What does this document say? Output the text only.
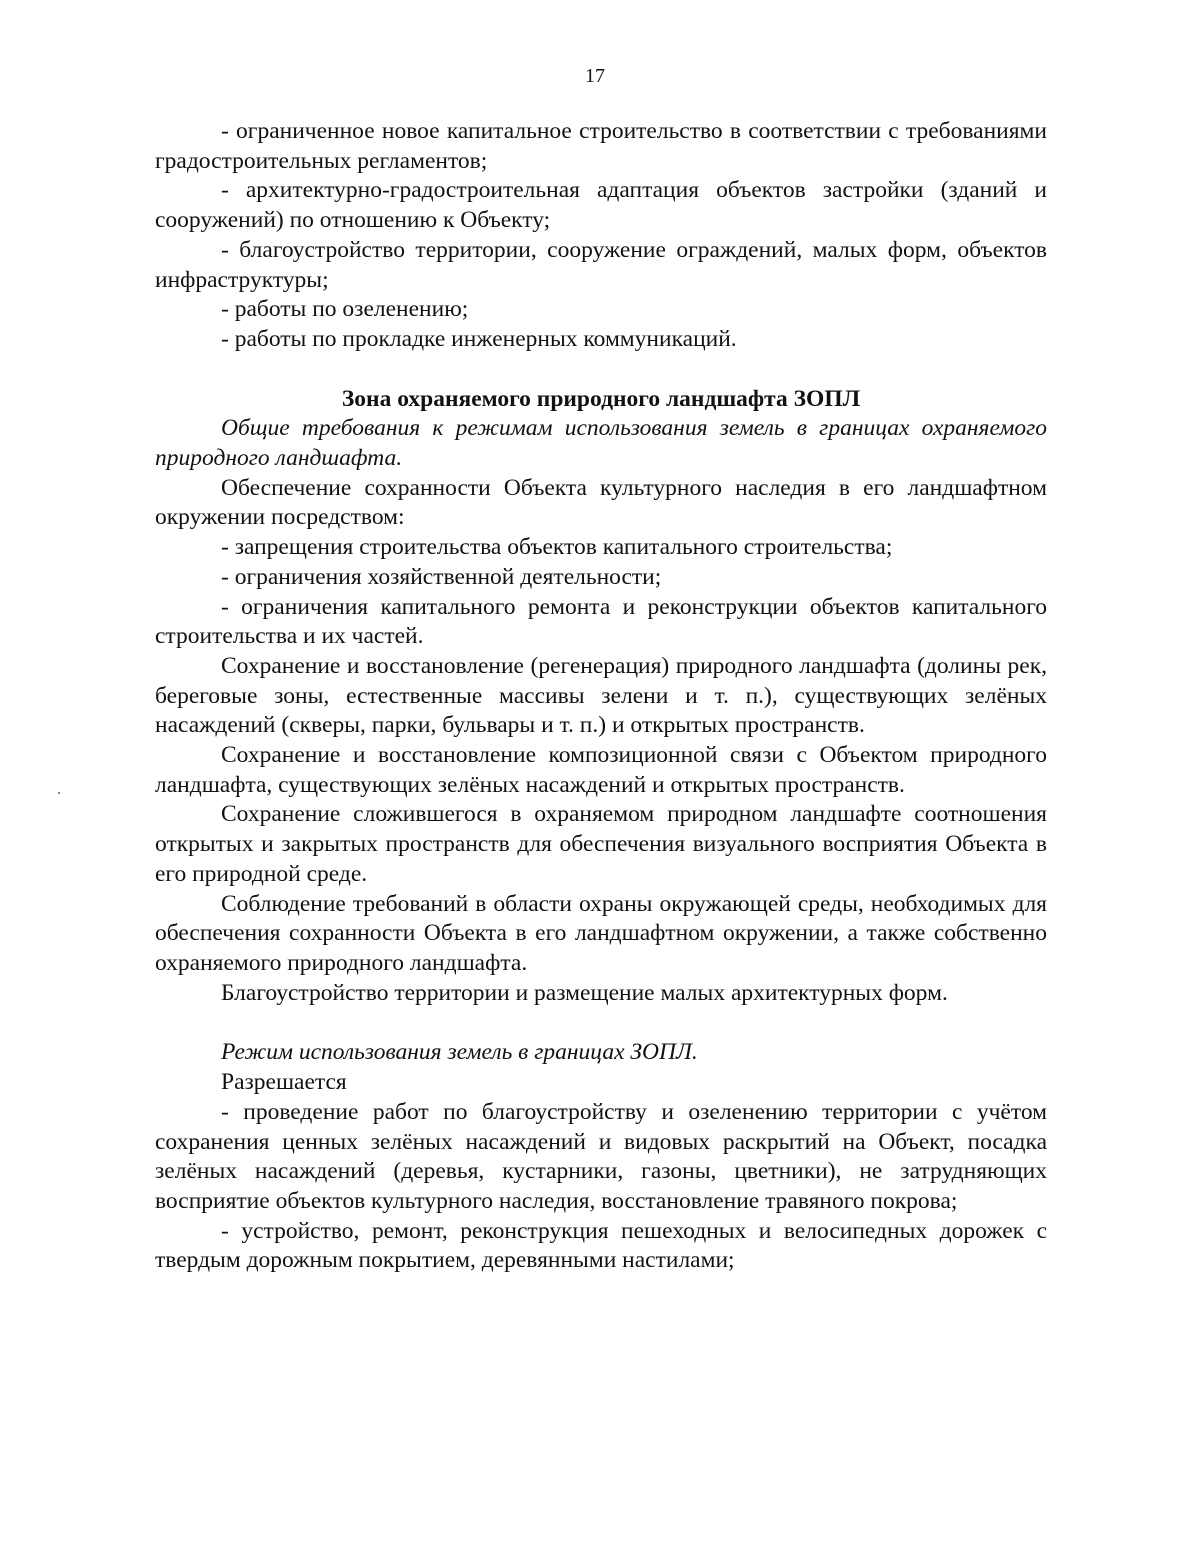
17

- ограниченное новое капитальное строительство в соответствии с требованиями градостроительных регламентов;

- архитектурно-градостроительная адаптация объектов застройки (зданий и сооружений) по отношению к Объекту;

- благоустройство территории, сооружение ограждений, малых форм, объектов инфраструктуры;

- работы по озеленению;

- работы по прокладке инженерных коммуникаций.

Зона охраняемого природного ландшафта ЗОПЛ

Общие требования к режимам использования земель в границах охраняемого природного ландшафта.

Обеспечение сохранности Объекта культурного наследия в его ландшафтном окружении посредством:

- запрещения строительства объектов капитального строительства;

- ограничения хозяйственной деятельности;

- ограничения капитального ремонта и реконструкции объектов капитального строительства и их частей.

Сохранение и восстановление (регенерация) природного ландшафта (долины рек, береговые зоны, естественные массивы зелени и т. п.), существующих зелёных насаждений (скверы, парки, бульвары и т. п.) и открытых пространств.

Сохранение и восстановление композиционной связи с Объектом природного ландшафта, существующих зелёных насаждений и открытых пространств.

Сохранение сложившегося в охраняемом природном ландшафте соотношения открытых и закрытых пространств для обеспечения визуального восприятия Объекта в его природной среде.

Соблюдение требований в области охраны окружающей среды, необходимых для обеспечения сохранности Объекта в его ландшафтном окружении, а также собственно охраняемого природного ландшафта.

Благоустройство территории и размещение малых архитектурных форм.

Режим использования земель в границах ЗОПЛ.

Разрешается

- проведение работ по благоустройству и озеленению территории с учётом сохранения ценных зелёных насаждений и видовых раскрытий на Объект, посадка зелёных насаждений (деревья, кустарники, газоны, цветники), не затрудняющих восприятие объектов культурного наследия, восстановление травяного покрова;

- устройство, ремонт, реконструкция пешеходных и велосипедных дорожек с твердым дорожным покрытием, деревянными настилами;
